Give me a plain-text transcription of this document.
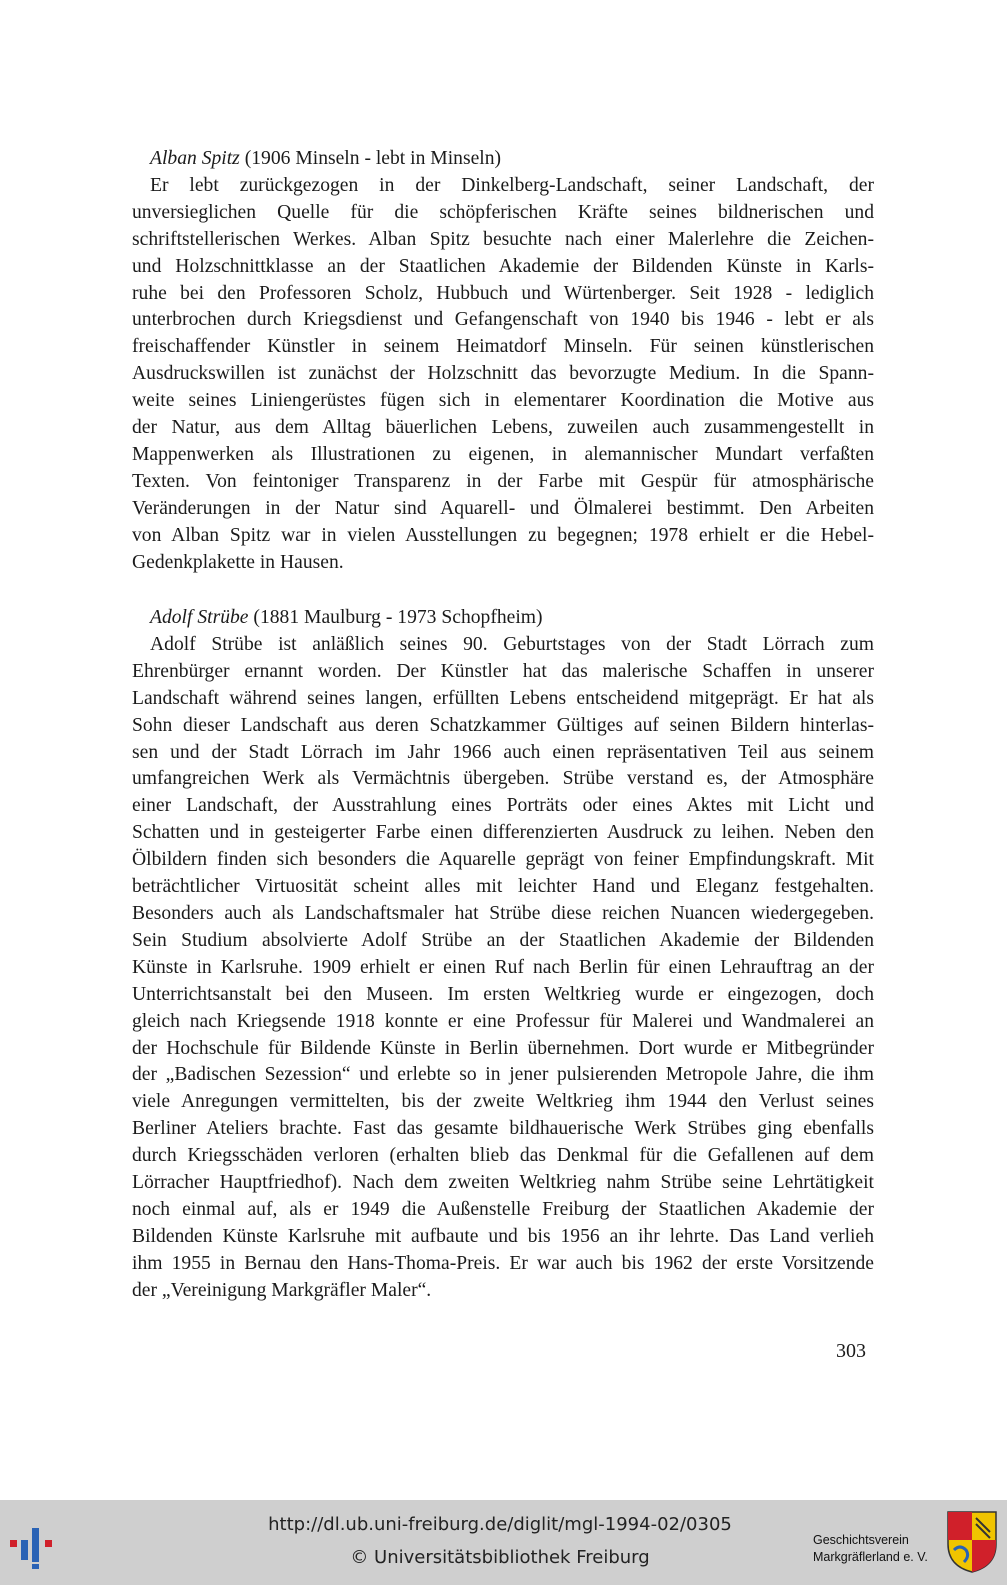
Alban Spitz (1906 Minseln - lebt in Minseln)
Er lebt zurückgezogen in der Dinkelberg-Landschaft, seiner Landschaft, der
unversieglichen Quelle für die schöpferischen Kräfte seines bildnerischen und
schriftstellerischen Werkes. Alban Spitz besuchte nach einer Malerlehre die Zeichen-
und Holzschnittklasse an der Staatlichen Akademie der Bildenden Künste in Karls-
ruhe bei den Professoren Scholz, Hubbuch und Würtenberger. Seit 1928 - lediglich
unterbrochen durch Kriegsdienst und Gefangenschaft von 1940 bis 1946 - lebt er als
freischaffender Künstler in seinem Heimatdorf Minseln. Für seinen künstlerischen
Ausdruckswillen ist zunächst der Holzschnitt das bevorzugte Medium. In die Spann-
weite seines Liniengerüstes fügen sich in elementarer Koordination die Motive aus
der Natur, aus dem Alltag bäuerlichen Lebens, zuweilen auch zusammengestellt in
Mappenwerken als Illustrationen zu eigenen, in alemannischer Mundart verfaßten
Texten. Von feintoniger Transparenz in der Farbe mit Gespür für atmosphärische
Veränderungen in der Natur sind Aquarell- und Ölmalerei bestimmt. Den Arbeiten
von Alban Spitz war in vielen Ausstellungen zu begegnen; 1978 erhielt er die Hebel-
Gedenkplakette in Hausen.
Adolf Strübe (1881 Maulburg - 1973 Schopfheim)
Adolf Strübe ist anläßlich seines 90. Geburtstages von der Stadt Lörrach zum
Ehrenbürger ernannt worden. Der Künstler hat das malerische Schaffen in unserer
Landschaft während seines langen, erfüllten Lebens entscheidend mitgeprägt. Er hat als
Sohn dieser Landschaft aus deren Schatzkammer Gültiges auf seinen Bildern hinterlas-
sen und der Stadt Lörrach im Jahr 1966 auch einen repräsentativen Teil aus seinem
umfangreichen Werk als Vermächtnis übergeben. Strübe verstand es, der Atmosphäre
einer Landschaft, der Ausstrahlung eines Porträts oder eines Aktes mit Licht und
Schatten und in gesteigerter Farbe einen differenzierten Ausdruck zu leihen. Neben den
Ölbildern finden sich besonders die Aquarelle geprägt von feiner Empfindungskraft. Mit
beträchtlicher Virtuosität scheint alles mit leichter Hand und Eleganz festgehalten.
Besonders auch als Landschaftsmaler hat Strübe diese reichen Nuancen wiedergegeben.
Sein Studium absolvierte Adolf Strübe an der Staatlichen Akademie der Bildenden
Künste in Karlsruhe. 1909 erhielt er einen Ruf nach Berlin für einen Lehrauftrag an der
Unterrichtsanstalt bei den Museen. Im ersten Weltkrieg wurde er eingezogen, doch
gleich nach Kriegsende 1918 konnte er eine Professur für Malerei und Wandmalerei an
der Hochschule für Bildende Künste in Berlin übernehmen. Dort wurde er Mitbegründer
der „Badischen Sezession“ und erlebte so in jener pulsierenden Metropole Jahre, die ihm
viele Anregungen vermittelten, bis der zweite Weltkrieg ihm 1944 den Verlust seines
Berliner Ateliers brachte. Fast das gesamte bildhauerische Werk Strübes ging ebenfalls
durch Kriegsschäden verloren (erhalten blieb das Denkmal für die Gefallenen auf dem
Lörracher Hauptfriedhof). Nach dem zweiten Weltkrieg nahm Strübe seine Lehrtätigkeit
noch einmal auf, als er 1949 die Außenstelle Freiburg der Staatlichen Akademie der
Bildenden Künste Karlsruhe mit aufbaute und bis 1956 an ihr lehrte. Das Land verlieh
ihm 1955 in Bernau den Hans-Thoma-Preis. Er war auch bis 1962 der erste Vorsitzende
der „Vereinigung Markgräfler Maler“.
303
http://dl.ub.uni-freiburg.de/diglit/mgl-1994-02/0305
© Universitätsbibliothek Freiburg
Geschichtsverein
Markgräflerland e. V.
